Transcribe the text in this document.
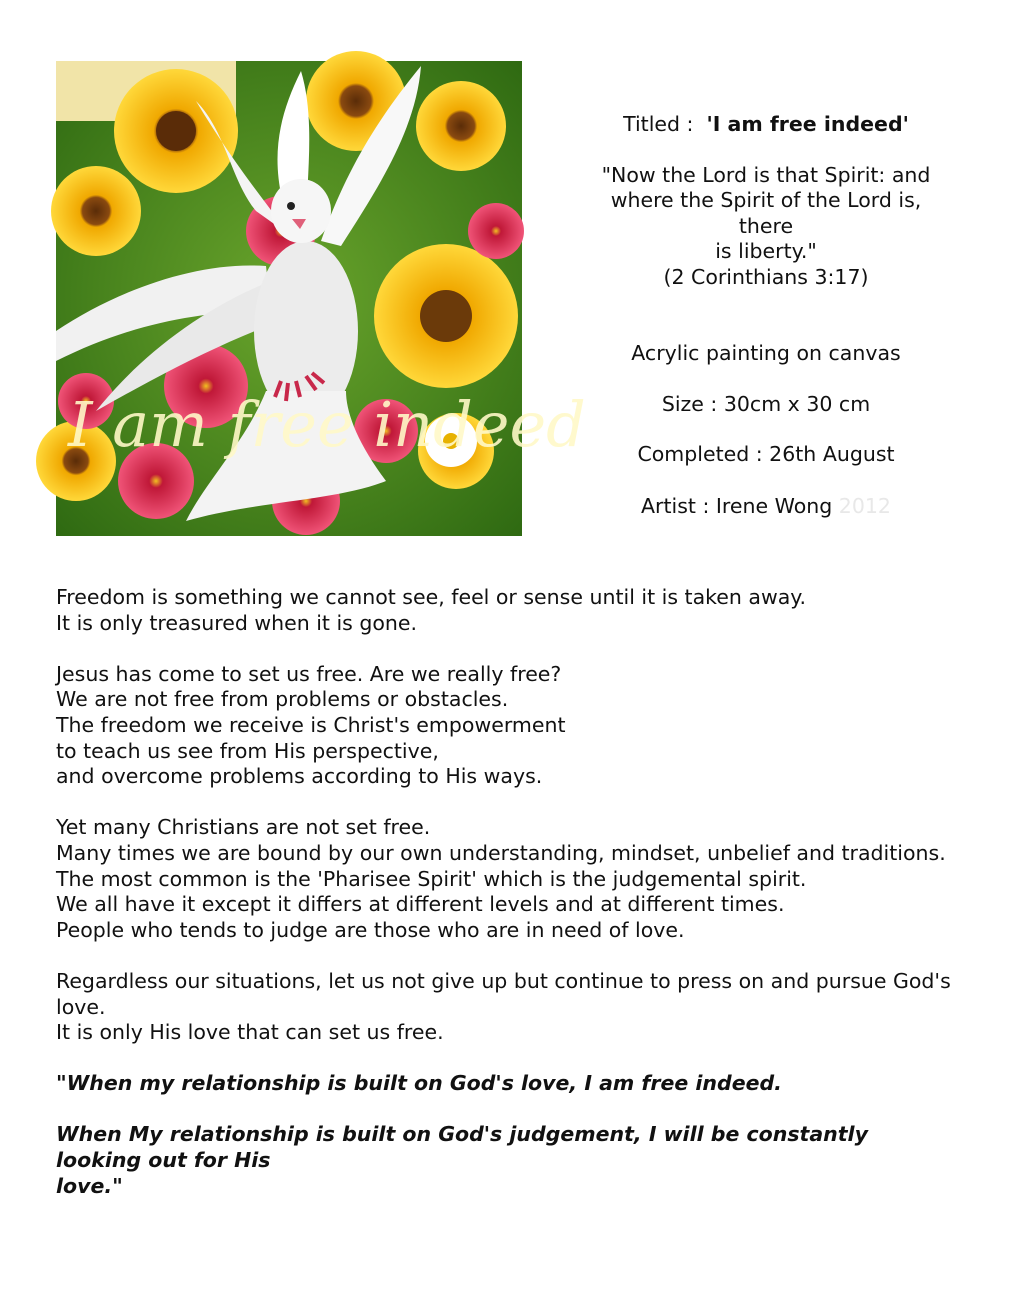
I am free indeed

Titled : 'I am free indeed'

"Now the Lord is that Spirit: and
where the Spirit of the Lord is, there
is liberty."
(2 Corinthians 3:17)

Acrylic painting on canvas

Size : 30cm x 30 cm

Completed : 26th August

Artist : Irene Wong 2012

Freedom is something we cannot see, feel or sense until it is taken away.
It is only treasured when it is gone.

Jesus has come to set us free. Are we really free?
We are not free from problems or obstacles.
The freedom we receive is Christ's empowerment
to teach us see from His perspective,
and overcome problems according to His ways.

Yet many Christians are not set free.
Many times we are bound by our own understanding, mindset, unbelief and traditions.
The most common is the 'Pharisee Spirit' which is the judgemental spirit.
We all have it except it differs at different levels and at different times.
People who tends to judge are those who are in need of love.

Regardless our situations, let us not give up but continue to press on and pursue God's
love.
It is only His love that can set us free.

"When my relationship is built on God's love, I am free indeed.

When My relationship is built on God's judgement, I will be constantly looking out for His
love."
